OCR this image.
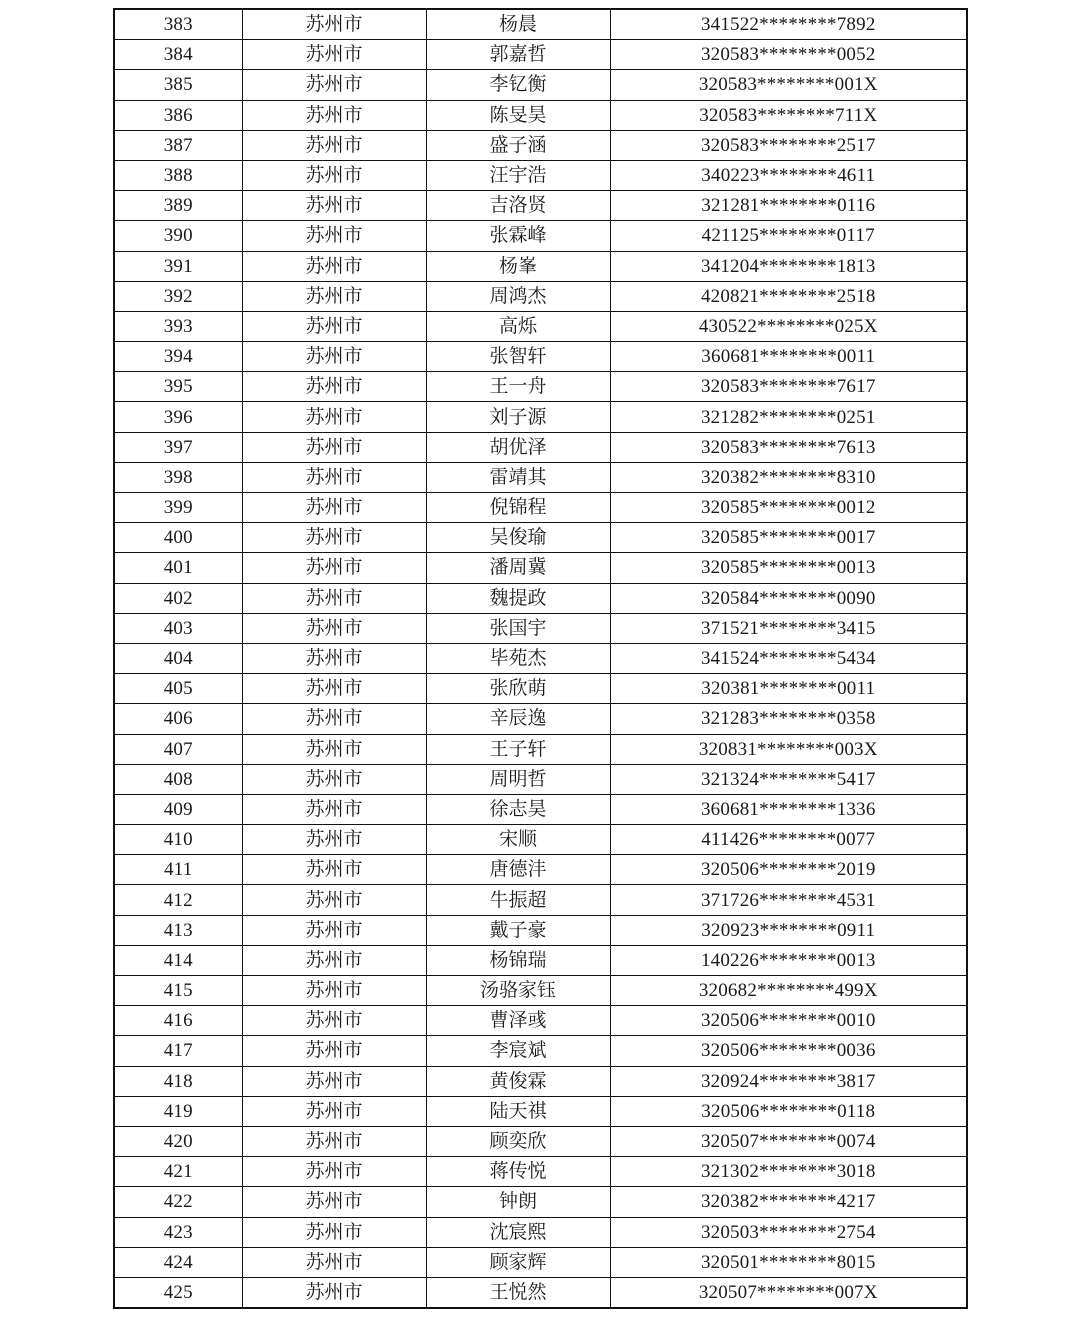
383	苏州市	杨晨	341522********7892
384	苏州市	郭嘉哲	320583********0052
385	苏州市	李钇衡	320583********001X
386	苏州市	陈旻昊	320583********711X
387	苏州市	盛子涵	320583********2517
388	苏州市	汪宇浩	340223********4611
389	苏州市	吉洛贤	321281********0116
390	苏州市	张霖峰	421125********0117
391	苏州市	杨峯	341204********1813
392	苏州市	周鸿杰	420821********2518
393	苏州市	高烁	430522********025X
394	苏州市	张智轩	360681********0011
395	苏州市	王一舟	320583********7617
396	苏州市	刘子源	321282********0251
397	苏州市	胡优泽	320583********7613
398	苏州市	雷靖其	320382********8310
399	苏州市	倪锦程	320585********0012
400	苏州市	吴俊瑜	320585********0017
401	苏州市	潘周冀	320585********0013
402	苏州市	魏提政	320584********0090
403	苏州市	张国宇	371521********3415
404	苏州市	毕苑杰	341524********5434
405	苏州市	张欣萌	320381********0011
406	苏州市	辛辰逸	321283********0358
407	苏州市	王子轩	320831********003X
408	苏州市	周明哲	321324********5417
409	苏州市	徐志昊	360681********1336
410	苏州市	宋顺	411426********0077
411	苏州市	唐德沣	320506********2019
412	苏州市	牛振超	371726********4531
413	苏州市	戴子豪	320923********0911
414	苏州市	杨锦瑞	140226********0013
415	苏州市	汤骆家钰	320682********499X
416	苏州市	曹泽彧	320506********0010
417	苏州市	李宸斌	320506********0036
418	苏州市	黄俊霖	320924********3817
419	苏州市	陆天祺	320506********0118
420	苏州市	顾奕欣	320507********0074
421	苏州市	蒋传悦	321302********3018
422	苏州市	钟朗	320382********4217
423	苏州市	沈宸熙	320503********2754
424	苏州市	顾家辉	320501********8015
425	苏州市	王悦然	320507********007X
